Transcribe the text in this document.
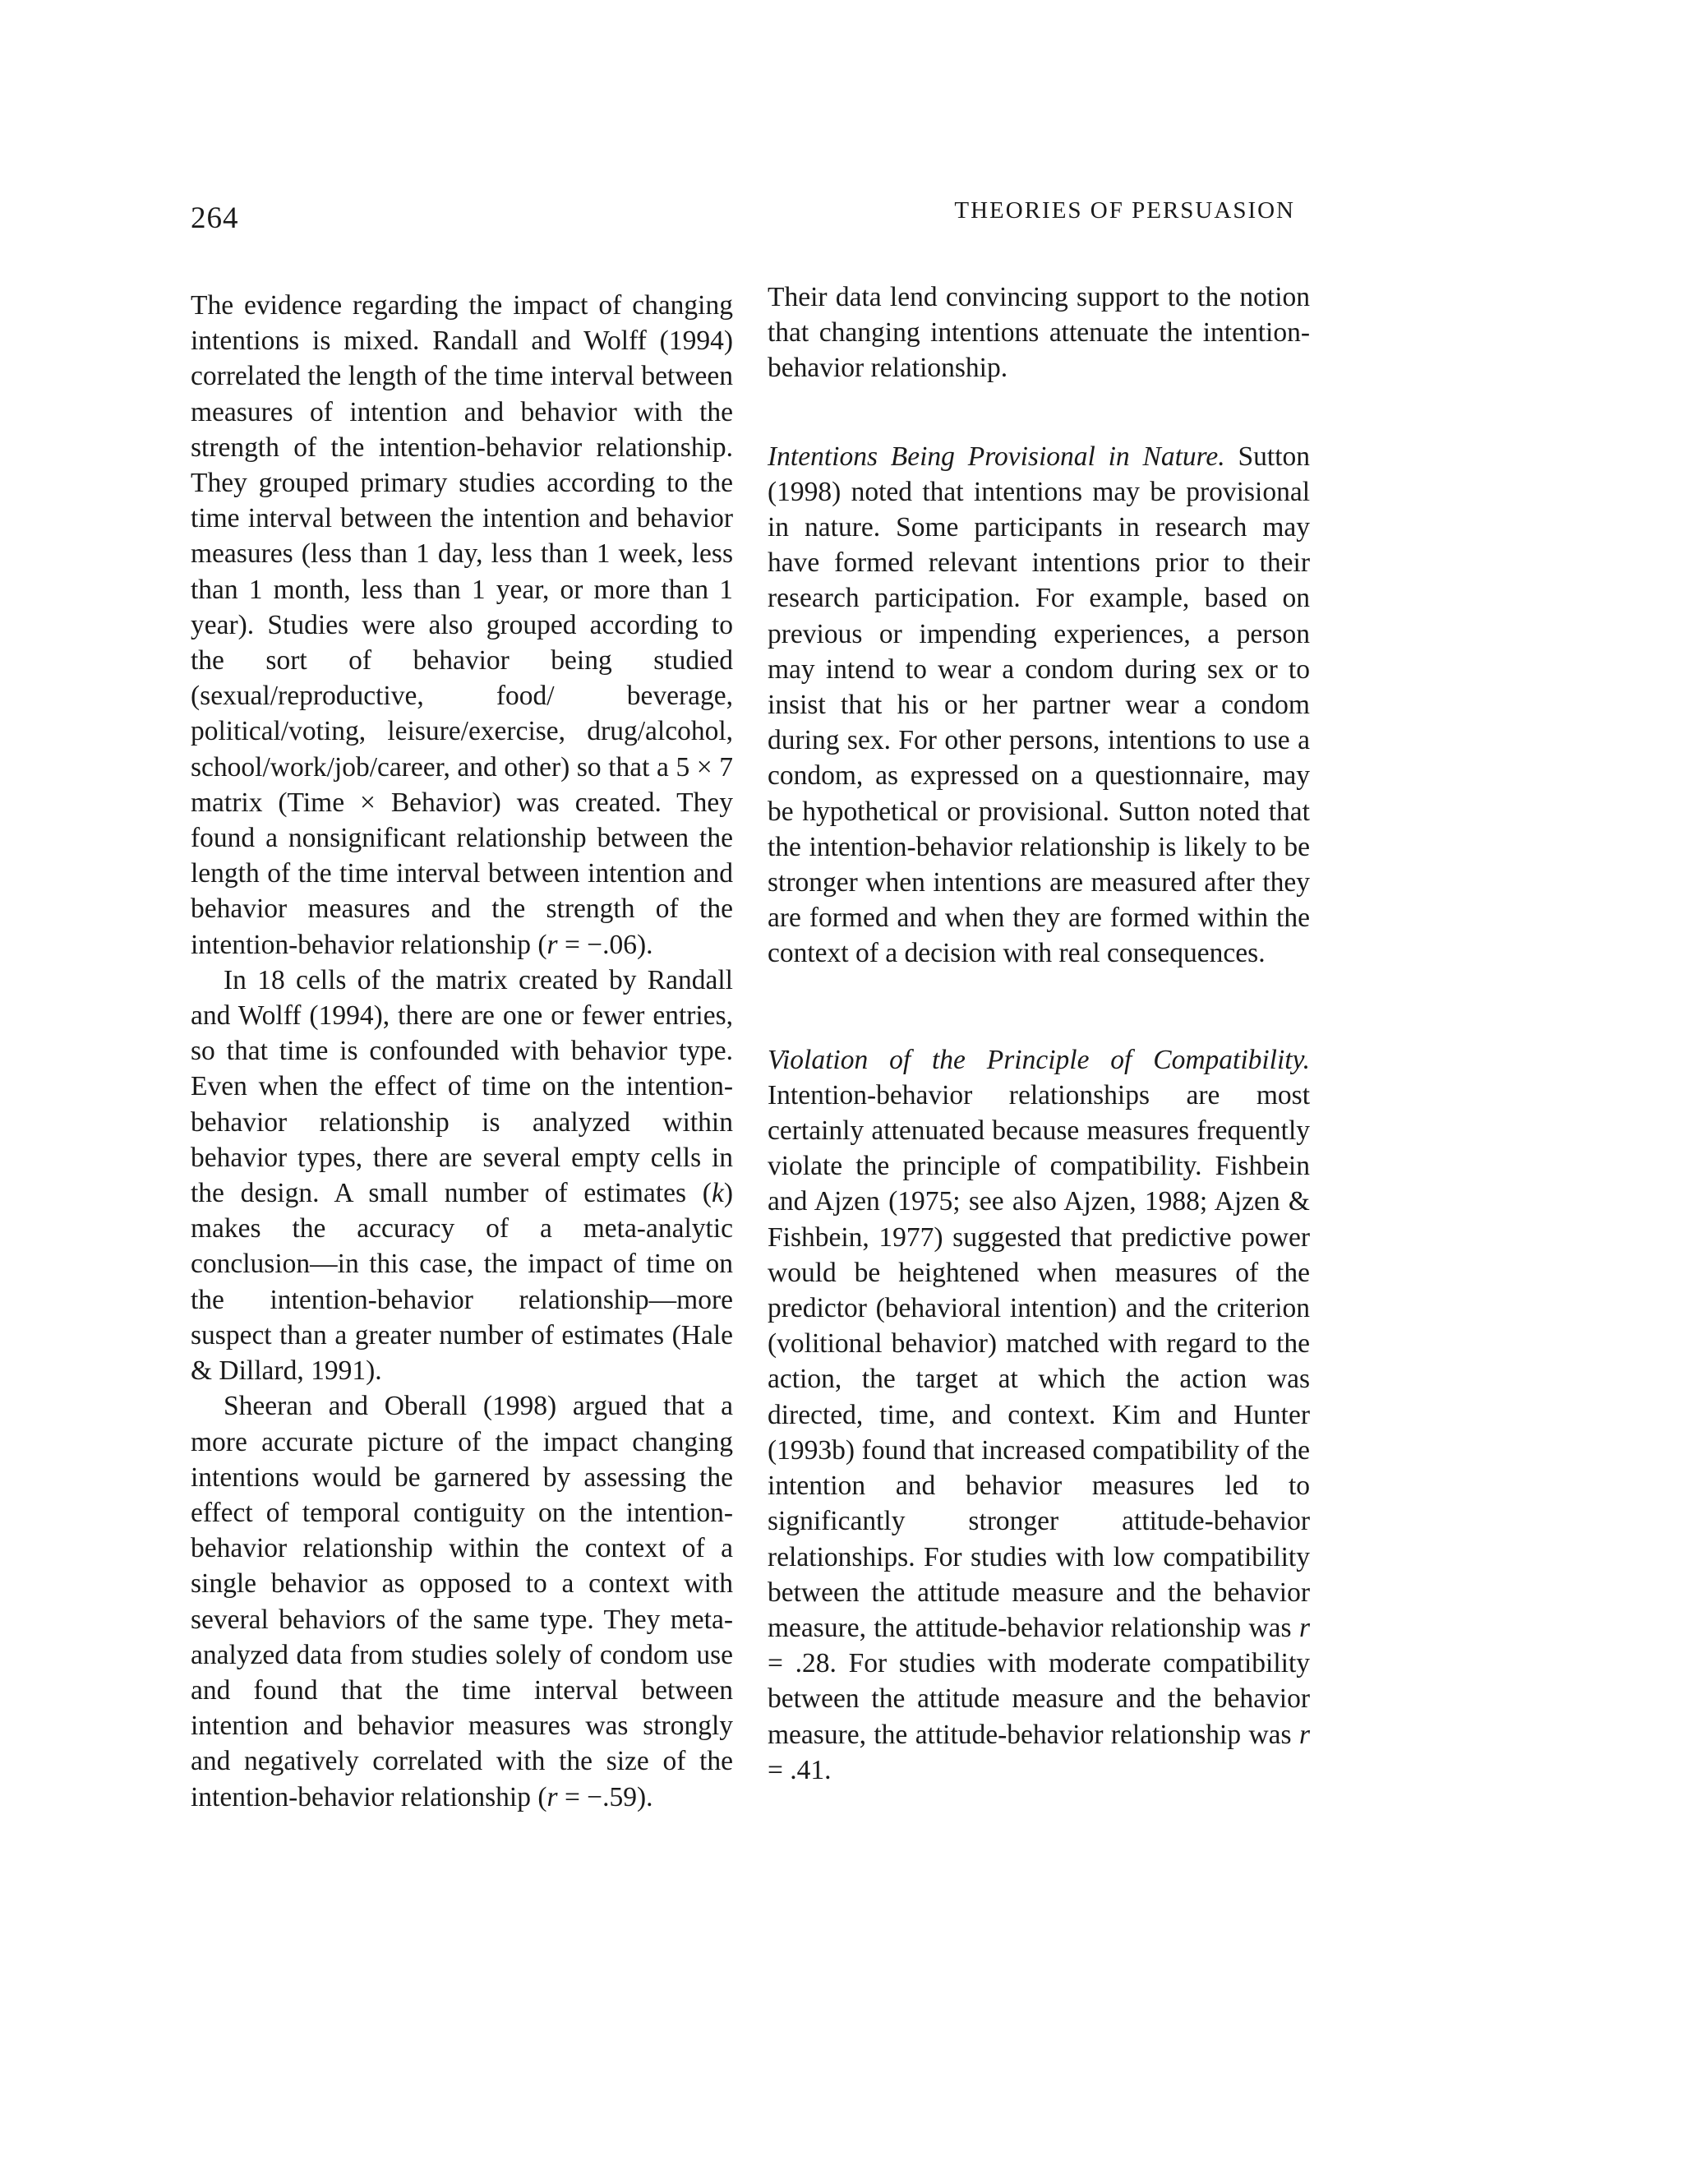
264	THEORIES OF PERSUASION

The evidence regarding the impact of changing intentions is mixed. Randall and Wolff (1994) correlated the length of the time interval between measures of intention and behavior with the strength of the intention-behavior relationship. They grouped primary studies according to the time interval between the intention and behavior measures (less than 1 day, less than 1 week, less than 1 month, less than 1 year, or more than 1 year). Studies were also grouped according to the sort of behavior being studied (sexual/reproductive, food/ beverage, political/voting, leisure/exercise, drug/alcohol, school/work/job/career, and other) so that a 5 × 7 matrix (Time × Behavior) was created. They found a nonsignificant relationship between the length of the time interval between intention and behavior measures and the strength of the intention-behavior relationship (r = −.06).

In 18 cells of the matrix created by Randall and Wolff (1994), there are one or fewer entries, so that time is confounded with behavior type. Even when the effect of time on the intention-behavior relationship is analyzed within behavior types, there are several empty cells in the design. A small number of estimates (k) makes the accuracy of a meta-analytic conclusion—in this case, the impact of time on the intention-behavior relationship—more suspect than a greater number of estimates (Hale & Dillard, 1991).

Sheeran and Oberall (1998) argued that a more accurate picture of the impact changing intentions would be garnered by assessing the effect of temporal contiguity on the intention-behavior relationship within the context of a single behavior as opposed to a context with several behaviors of the same type. They meta-analyzed data from studies solely of condom use and found that the time interval between intention and behavior measures was strongly and negatively correlated with the size of the intention-behavior relationship (r = −.59).

Their data lend convincing support to the notion that changing intentions attenuate the intention-behavior relationship.

Intentions Being Provisional in Nature. Sutton (1998) noted that intentions may be provisional in nature. Some participants in research may have formed relevant intentions prior to their research participation. For example, based on previous or impending experiences, a person may intend to wear a condom during sex or to insist that his or her partner wear a condom during sex. For other persons, intentions to use a condom, as expressed on a questionnaire, may be hypothetical or provisional. Sutton noted that the intention-behavior relationship is likely to be stronger when intentions are measured after they are formed and when they are formed within the context of a decision with real consequences.

Violation of the Principle of Compatibility. Intention-behavior relationships are most certainly attenuated because measures frequently violate the principle of compatibility. Fishbein and Ajzen (1975; see also Ajzen, 1988; Ajzen & Fishbein, 1977) suggested that predictive power would be heightened when measures of the predictor (behavioral intention) and the criterion (volitional behavior) matched with regard to the action, the target at which the action was directed, time, and context. Kim and Hunter (1993b) found that increased compatibility of the intention and behavior measures led to significantly stronger attitude-behavior relationships. For studies with low compatibility between the attitude measure and the behavior measure, the attitude-behavior relationship was r = .28. For studies with moderate compatibility between the attitude measure and the behavior measure, the attitude-behavior relationship was r = .41.
